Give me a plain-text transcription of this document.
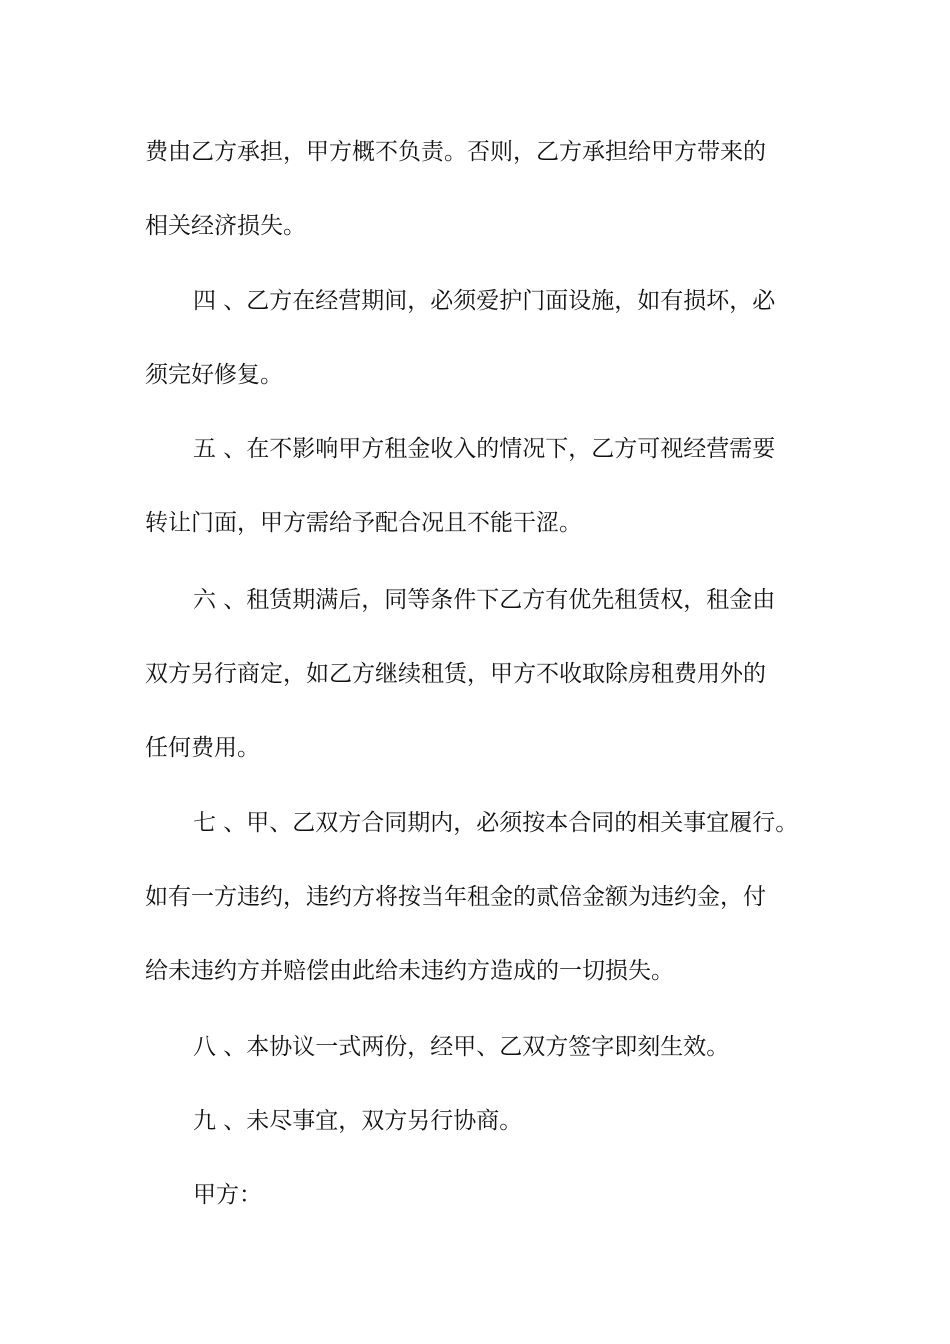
费由乙方承担，甲方概不负责。否则，乙方承担给甲方带来的
相关经济损失。
四 、乙方在经营期间，必须爱护门面设施，如有损坏，必
须完好修复。
五 、在不影响甲方租金收入的情况下，乙方可视经营需要
转让门面，甲方需给予配合况且不能干涩。
六 、租赁期满后，同等条件下乙方有优先租赁权，租金由
双方另行商定，如乙方继续租赁，甲方不收取除房租费用外的
任何费用。
七 、甲、乙双方合同期内，必须按本合同的相关事宜履行。
如有一方违约，违约方将按当年租金的贰倍金额为违约金，付
给未违约方并赔偿由此给未违约方造成的一切损失。
八 、本协议一式两份，经甲、乙双方签字即刻生效。
九 、未尽事宜，双方另行协商。
甲方：
